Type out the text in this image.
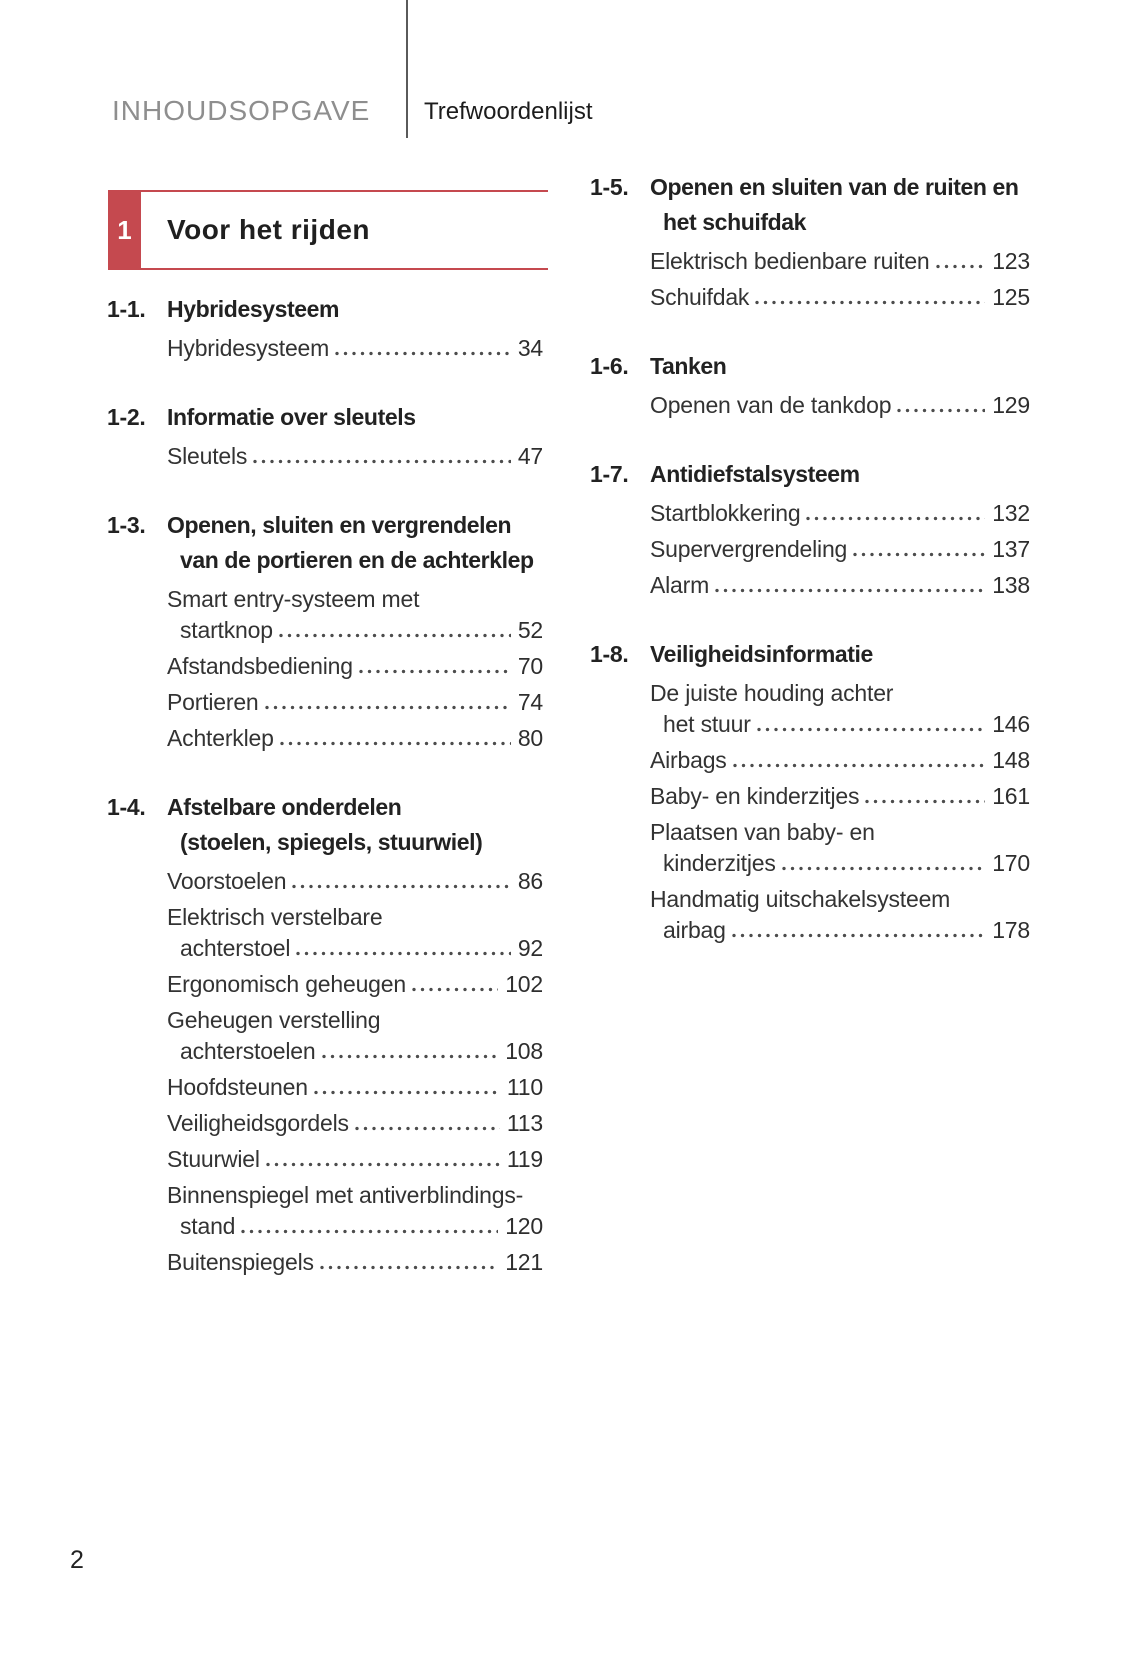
INHOUDSOPGAVE Trefwoordenlijst
1	Voor het rijden
1-1. Hybridesysteem
Hybridesysteem	34
1-2. Informatie over sleutels
Sleutels	47
1-3. Openen, sluiten en vergrendelen
van de portieren en de achterklep
Smart entry-systeem met
startknop	52
Afstandsbediening	70
Portieren	74
Achterklep	80
1-4. Afstelbare onderdelen
(stoelen, spiegels, stuurwiel)
Voorstoelen	86
Elektrisch verstelbare
achterstoel	92
Ergonomisch geheugen	102
Geheugen verstelling
achterstoelen	108
Hoofdsteunen	110
Veiligheidsgordels	113
Stuurwiel	119
Binnenspiegel met antiverblindings-
stand	120
Buitenspiegels	121
1-5. Openen en sluiten van de ruiten en
het schuifdak
Elektrisch bedienbare ruiten	123
Schuifdak	125
1-6. Tanken
Openen van de tankdop	129
1-7. Antidiefstalsysteem
Startblokkering	132
Supervergrendeling	137
Alarm	138
1-8. Veiligheidsinformatie
De juiste houding achter
het stuur	146
Airbags	148
Baby- en kinderzitjes	161
Plaatsen van baby- en
kinderzitjes	170
Handmatig uitschakelsysteem
airbag	178
2
